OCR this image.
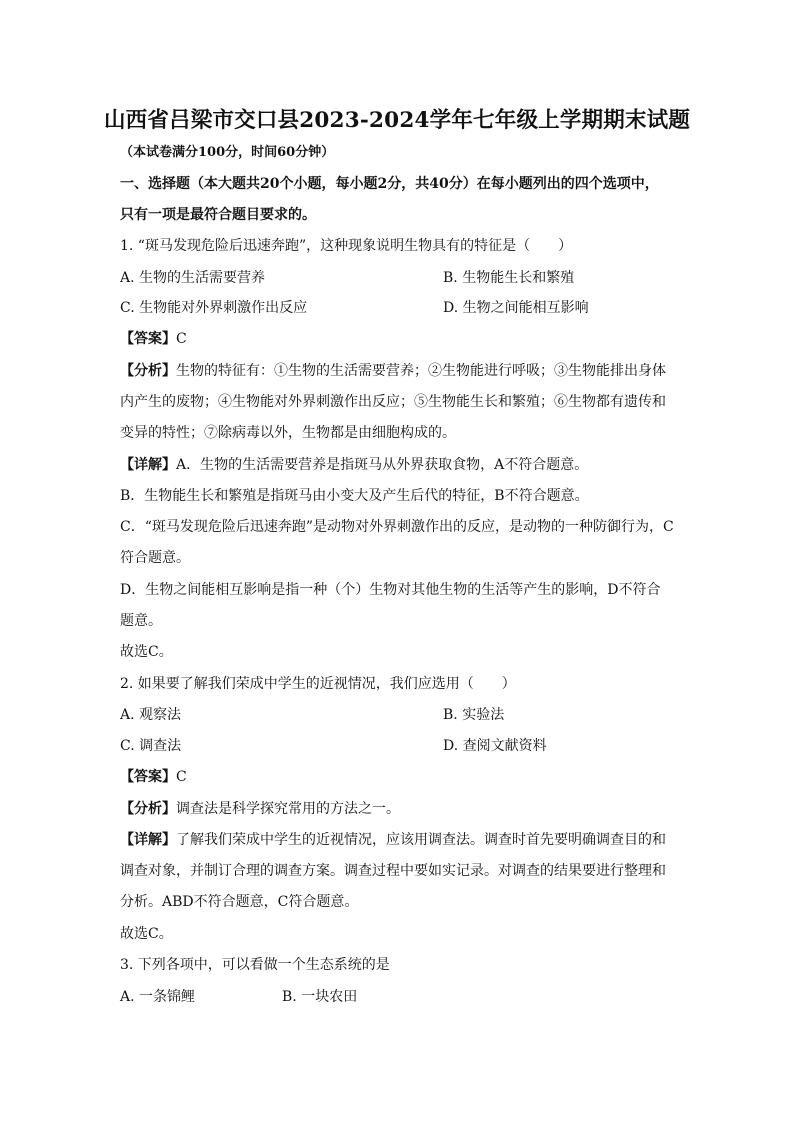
山西省吕梁市交口县2023-2024学年七年级上学期期末试题
（本试卷满分100分，时间60分钟）
一、选择题（本大题共20个小题，每小题2分，共40分）在每小题列出的四个选项中，
只有一项是最符合题目要求的。
1. “斑马发现危险后迅速奔跑”，这种现象说明生物具有的特征是（　　）
A. 生物的生活需要营养	B. 生物能生长和繁殖
C. 生物能对外界刺激作出反应	D. 生物之间能相互影响
【答案】C
【分析】生物的特征有：①生物的生活需要营养；②生物能进行呼吸；③生物能排出身体
内产生的废物；④生物能对外界刺激作出反应；⑤生物能生长和繁殖；⑥生物都有遗传和
变异的特性；⑦除病毒以外，生物都是由细胞构成的。
【详解】A．生物的生活需要营养是指斑马从外界获取食物，A不符合题意。
B．生物能生长和繁殖是指斑马由小变大及产生后代的特征，B不符合题意。
C．“斑马发现危险后迅速奔跑”是动物对外界刺激作出的反应，是动物的一种防御行为，C
符合题意。
D．生物之间能相互影响是指一种（个）生物对其他生物的生活等产生的影响，D不符合
题意。
故选C。
2. 如果要了解我们荣成中学生的近视情况，我们应选用（　　）
A. 观察法	B. 实验法
C. 调查法	D. 查阅文献资料
【答案】C
【分析】调查法是科学探究常用的方法之一。
【详解】了解我们荣成中学生的近视情况，应该用调查法。调查时首先要明确调查目的和
调查对象，并制订合理的调查方案。调查过程中要如实记录。对调查的结果要进行整理和
分析。ABD不符合题意，C符合题意。
故选C。
3. 下列各项中，可以看做一个生态系统的是
A. 一条锦鲤	B. 一块农田
